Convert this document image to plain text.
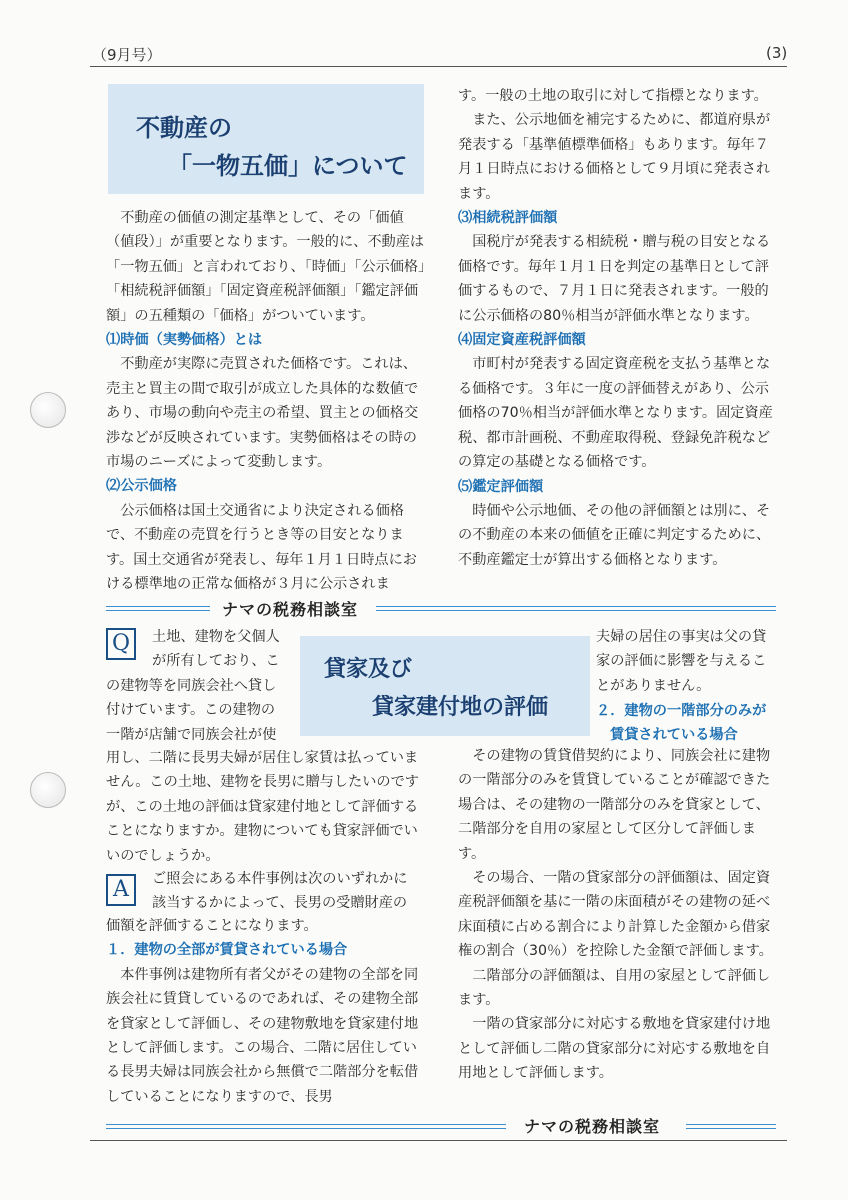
（9月号）	(3)
不動産の
「一物五価」について

不動産の価値の測定基準として、その「価値（値段）」が重要となります。一般的に、不動産は「一物五価」と言われており、「時価」「公示価格」「相続税評価額」「固定資産税評価額」「鑑定評価額」の五種類の「価格」がついています。

⑴時価（実勢価格）とは

不動産が実際に売買された価格です。これは、売主と買主の間で取引が成立した具体的な数値であり、市場の動向や売主の希望、買主との価格交渉などが反映されています。実勢価格はその時の市場のニーズによって変動します。

⑵公示価格

公示価格は国土交通省により決定される価格で、不動産の売買を行うとき等の目安となります。国土交通省が発表し、毎年１月１日時点における標準地の正常な価格が３月に公示されま

す。一般の土地の取引に対して指標となります。

また、公示地価を補完するために、都道府県が発表する「基準値標準価格」もあります。毎年７月１日時点における価格として９月頃に発表されます。

⑶相続税評価額

国税庁が発表する相続税・贈与税の目安となる価格です。毎年１月１日を判定の基準日として評価するもので、７月１日に発表されます。一般的に公示価格の80％相当が評価水準となります。

⑷固定資産税評価額

市町村が発表する固定資産税を支払う基準となる価格です。３年に一度の評価替えがあり、公示価格の70％相当が評価水準となります。固定資産税、都市計画税、不動産取得税、登録免許税などの算定の基礎となる価格です。

⑸鑑定評価額

時価や公示地価、その他の評価額とは別に、その不動産の本来の価値を正確に判定するために、不動産鑑定士が算出する価格となります。

ナマの税務相談室
Q	土地、建物を父個人
が所有しており、こ
の建物等を同族会社へ貸し
付けています。この建物の
一階が店舗で同族会社が使
貸家及び
貸家建付地の評価

用し、二階に長男夫婦が居住し家賃は払っていません。この土地、建物を長男に贈与したいのですが、この土地の評価は貸家建付地として評価することになりますか。建物についても貸家評価でいいのでしょうか。

A	ご照会にある本件事例は次のいずれかに
該当するかによって、長男の受贈財産の

価額を評価することになります。

１．建物の全部が賃貸されている場合

本件事例は建物所有者父がその建物の全部を同族会社に賃貸しているのであれば、その建物全部を貸家として評価し、その建物敷地を貸家建付地として評価します。この場合、二階に居住している長男夫婦は同族会社から無償で二階部分を転借していることになりますので、長男

夫婦の居住の事実は父の貸
家の評価に影響を与えるこ
とがありません。
２．建物の一階部分のみが
賃貸されている場合

その建物の賃貸借契約により、同族会社に建物の一階部分のみを賃貸していることが確認できた場合は、その建物の一階部分のみを貸家として、二階部分を自用の家屋として区分して評価します。

その場合、一階の貸家部分の評価額は、固定資産税評価額を基に一階の床面積がその建物の延べ床面積に占める割合により計算した金額から借家権の割合（30％）を控除した金額で評価します。

二階部分の評価額は、自用の家屋として評価します。

一階の貸家部分に対応する敷地を貸家建付け地として評価し二階の貸家部分に対応する敷地を自用地として評価します。

ナマの税務相談室
